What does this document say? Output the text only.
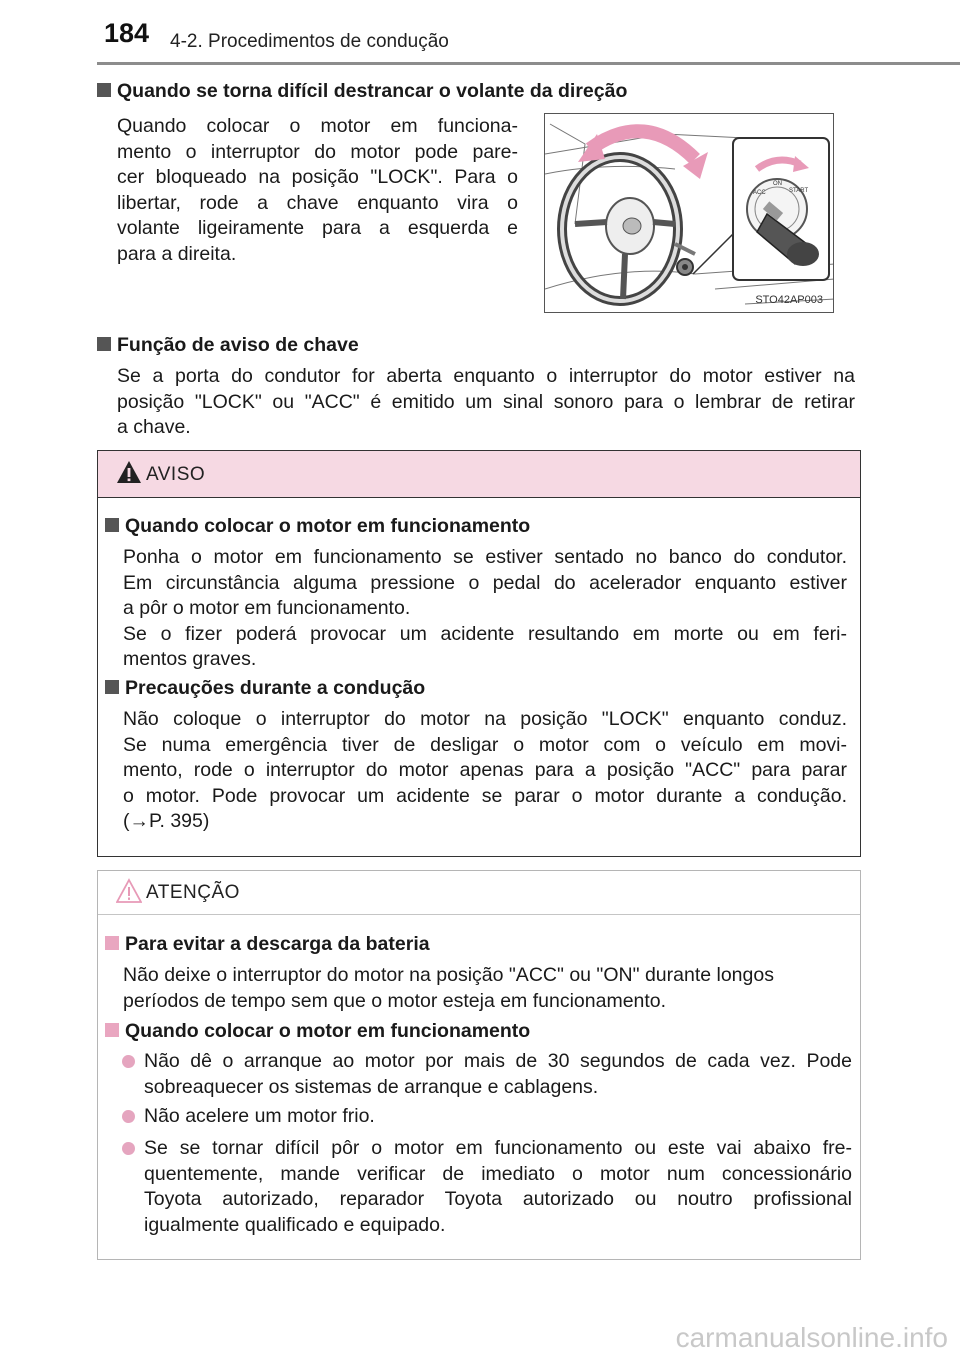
184 4-2. Procedimentos de condução
Quando se torna difícil destrancar o volante da direção
Quando colocar o motor em funciona-
mento o interruptor do motor pode pare-
cer bloqueado na posição "LOCK". Para o
libertar, rode a chave enquanto vira o
volante ligeiramente para a esquerda e
para a direita.
ACC
ON
START
STO42AP003
Função de aviso de chave
Se a porta do condutor for aberta enquanto o interruptor do motor estiver na
posição "LOCK" ou "ACC" é emitido um sinal sonoro para o lembrar de retirar
a chave.
AVISO
Quando colocar o motor em funcionamento
Ponha o motor em funcionamento se estiver sentado no banco do condutor.
Em circunstância alguma pressione o pedal do acelerador enquanto estiver
a pôr o motor em funcionamento.
Se o fizer poderá provocar um acidente resultando em morte ou em feri-
mentos graves.
Precauções durante a condução
Não coloque o interruptor do motor na posição "LOCK" enquanto conduz.
Se numa emergência tiver de desligar o motor com o veículo em movi-
mento, rode o interruptor do motor apenas para a posição "ACC" para parar
o motor. Pode provocar um acidente se parar o motor durante a condução.
(→P. 395)
ATENÇÃO
Para evitar a descarga da bateria
Não deixe o interruptor do motor na posição "ACC" ou "ON" durante longos
períodos de tempo sem que o motor esteja em funcionamento.
Quando colocar o motor em funcionamento
Não dê o arranque ao motor por mais de 30 segundos de cada vez. Pode
sobreaquecer os sistemas de arranque e cablagens.
Não acelere um motor frio.
Se se tornar difícil pôr o motor em funcionamento ou este vai abaixo fre-
quentemente, mande verificar de imediato o motor num concessionário
Toyota autorizado, reparador Toyota autorizado ou noutro profissional
igualmente qualificado e equipado.
carmanualsonline.info
